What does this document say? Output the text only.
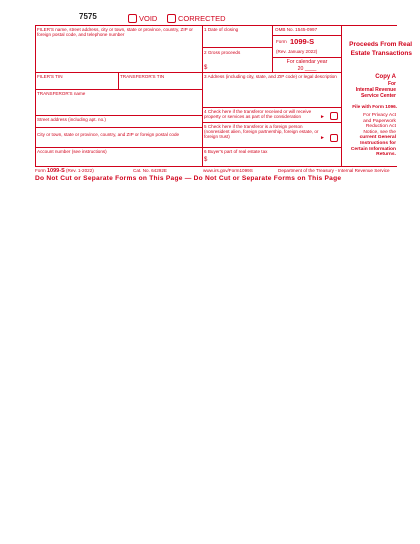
7575	VOID	CORRECTED
FILER'S name, street address, city or town, state or province, country, ZIP or foreign postal code, and telephone number
FILER'S TIN	TRANSFEROR'S TIN
TRANSFEROR'S name
Street address (including apt. no.)
City or town, state or province, country, and ZIP or foreign postal code
Account number (see instructions)
1 Date of closing
2 Gross proceeds
$
3 Address (including city, state, and ZIP code) or legal description
4 Check here if the transferor received or will receive property or services as part of the consideration	►
5 Check here if the transferor is a foreign person (nonresident alien, foreign partnership, foreign estate, or foreign trust)	►
6 Buyer's part of real estate tax
$
OMB No. 1545-0997
Form 1099-S
(Rev. January 2022)
For calendar year
20 ____
Proceeds From Real
Estate Transactions
Copy A
For
Internal Revenue
Service Center
File with Form 1096.
For Privacy Act
and Paperwork
Reduction Act
Notice, see the
current General
Instructions for
Certain Information
Returns.
Form 1099-S (Rev. 1-2022)	Cat. No. 64292E	www.irs.gov/Form1099S	Department of the Treasury - Internal Revenue Service
Do Not Cut or Separate Forms on This Page — Do Not Cut or Separate Forms on This Page
